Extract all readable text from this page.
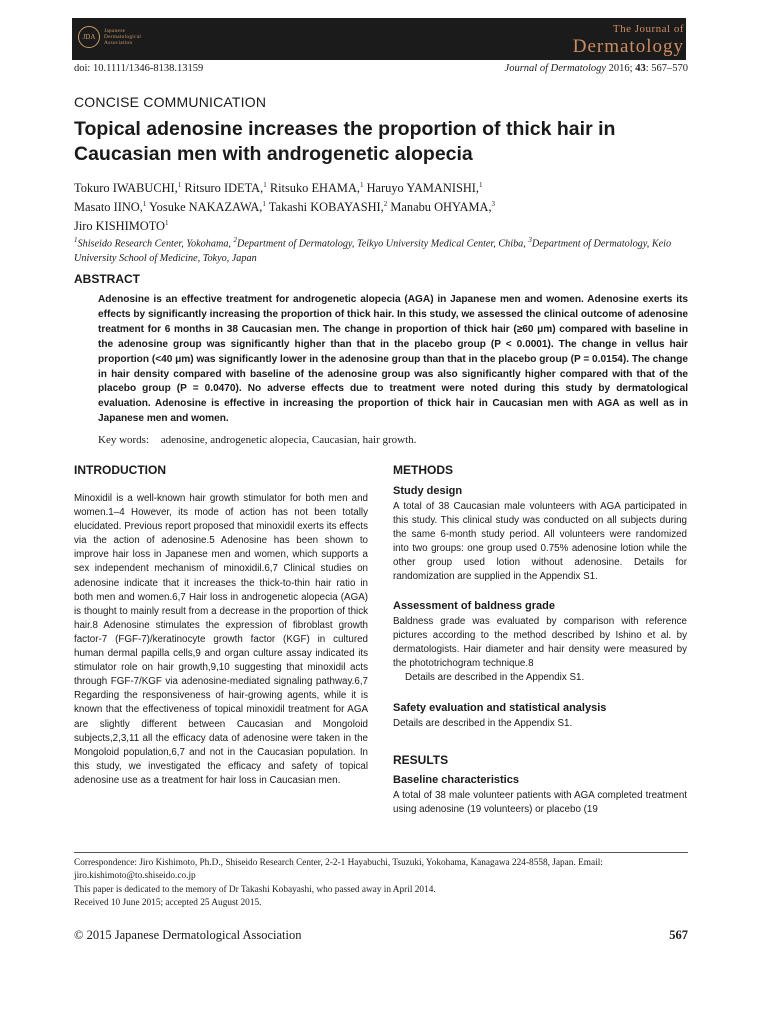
JDA
Japanese
Dermatological
Association
The Journal of
Dermatology
doi: 10.1111/1346-8138.13159	Journal of Dermatology 2016; 43: 567–570
CONCISE COMMUNICATION
Topical adenosine increases the proportion of thick hair in Caucasian men with androgenetic alopecia
Tokuro IWABUCHI,$^1$ Ritsuro IDETA,$^1$ Ritsuko EHAMA,$^1$ Haruyo YAMANISHI,$^1$
Masato IINO,$^1$ Yosuke NAKAZAWA,$^1$ Takashi KOBAYASHI,$^2$ Manabu OHYAMA,$^3$
Jiro KISHIMOTO$^1$
$^1$Shiseido Research Center, Yokohama, $^2$Department of Dermatology, Teikyo University Medical Center, Chiba, $^3$Department of Dermatology, Keio University School of Medicine, Tokyo, Japan
ABSTRACT
Adenosine is an effective treatment for androgenetic alopecia (AGA) in Japanese men and women. Adenosine exerts its effects by significantly increasing the proportion of thick hair. In this study, we assessed the clinical outcome of adenosine treatment for 6 months in 38 Caucasian men. The change in proportion of thick hair (≥60 μm) compared with baseline in the adenosine group was significantly higher than that in the placebo group (P < 0.0001). The change in vellus hair proportion (<40 μm) was significantly lower in the adenosine group than that in the placebo group (P = 0.0154). The change in hair density compared with baseline of the adenosine group was also significantly higher compared with that of the placebo group (P = 0.0470). No adverse effects due to treatment were noted during this study by dermatological evaluation. Adenosine is effective in increasing the proportion of thick hair in Caucasian men with AGA as well as in Japanese men and women.
Key words: adenosine, androgenetic alopecia, Caucasian, hair growth.
INTRODUCTION
Minoxidil is a well-known hair growth stimulator for both men and women.1–4 However, its mode of action has not been totally elucidated. Previous report proposed that minoxidil exerts its effects via the action of adenosine.5 Adenosine has been shown to improve hair loss in Japanese men and women, which supports a sex independent mechanism of minoxidil.6,7 Clinical studies on adenosine indicate that it increases the thick-to-thin hair ratio in both men and women.6,7 Hair loss in androgenetic alopecia (AGA) is thought to mainly result from a decrease in the proportion of thick hair.8 Adenosine stimulates the expression of fibroblast growth factor-7 (FGF-7)/keratinocyte growth factor (KGF) in cultured human dermal papilla cells,9 and organ culture assay indicated its stimulator role on hair growth,9,10 suggesting that minoxidil acts through FGF-7/KGF via adenosine-mediated signaling pathway.6,7 Regarding the responsiveness of hair-growing agents, while it is known that the effectiveness of topical minoxidil treatment for AGA are slightly different between Caucasian and Mongoloid subjects,2,3,11 all the efficacy data of adenosine were taken in the Mongoloid population,6,7 and not in the Caucasian population. In this study, we investigated the efficacy and safety of topical adenosine use as a treatment for hair loss in Caucasian men.
METHODS
Study design
A total of 38 Caucasian male volunteers with AGA participated in this study. This clinical study was conducted on all subjects during the same 6-month study period. All volunteers were randomized into two groups: one group used 0.75% adenosine lotion while the other group used lotion without adenosine. Details for randomization are supplied in the Appendix S1.
Assessment of baldness grade
Baldness grade was evaluated by comparison with reference pictures according to the method described by Ishino et al. by dermatologists. Hair diameter and hair density were measured by the phototrichogram technique.8
Details are described in the Appendix S1.
Safety evaluation and statistical analysis
Details are described in the Appendix S1.
RESULTS
Baseline characteristics
A total of 38 male volunteer patients with AGA completed treatment using adenosine (19 volunteers) or placebo (19
Correspondence: Jiro Kishimoto, Ph.D., Shiseido Research Center, 2-2-1 Hayabuchi, Tsuzuki, Yokohama, Kanagawa 224-8558, Japan. Email: jiro.kishimoto@to.shiseido.co.jp
This paper is dedicated to the memory of Dr Takashi Kobayashi, who passed away in April 2014.
Received 10 June 2015; accepted 25 August 2015.
© 2015 Japanese Dermatological Association	567
